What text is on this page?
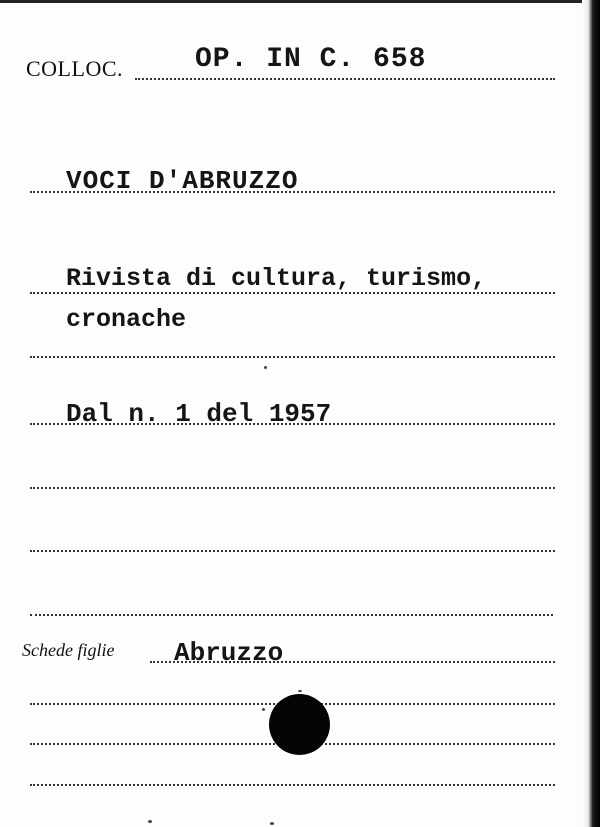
COLLOC.	OP. IN C. 658
VOCI D'ABRUZZO
Rivista di cultura, turismo,
cronache
Dal n. 1 del 1957
Schede figlie Abruzzo
